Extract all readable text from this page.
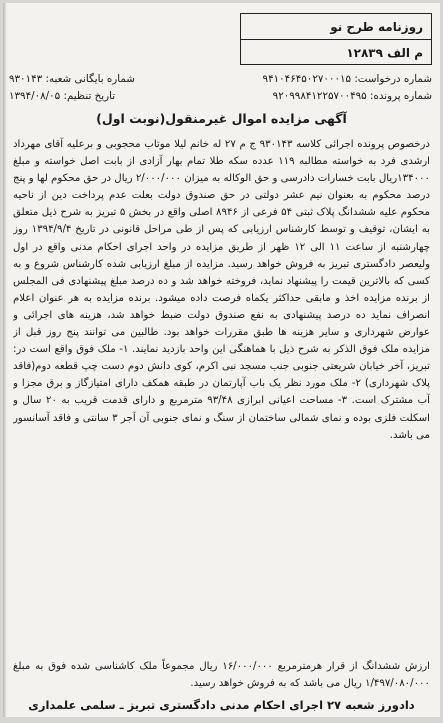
روزنامه طرح نو
م الف ۱۲۸۳۹
شماره درخواست: ۹۴۱۰۴۶۴۵۰۲۷۰۰۰۱۵
شماره بایگانی شعبه: ۹۳۰۱۴۳
شماره پرونده: ۹۲۰۹۹۸۴۱۲۲۵۷۰۰۴۹۵
تاریخ تنظیم: ۱۳۹۴/۰۸/۰۵
آگهی مزایده اموال غیرمنقول(نوبت اول)
درخصوص پرونده اجرائی کلاسه ۹۳۰۱۴۳ ج م ۲۷ له خانم لیلا موتاب محجوبی و برعلیه آقای مهرداد ارشدی فرد به خواسته مطالبه ۱۱۹ عدده سکه طلا تمام بهار آزادی از بابت اصل خواسته و مبلغ ۱۳۴۰۰۰ریال بابت خسارات دادرسی و حق الوکاله به میزان ۲/۰۰۰/۰۰۰ ریال در حق محکوم لها و پنج درصد محکوم به بعنوان نیم عشر دولتی در حق صندوق دولت بعلت عدم پرداخت دین از ناحیه محکوم علیه ششدانگ پلاک ثبتی ۵۴ فرعی از ۸۹۴۶ اصلی واقع در بخش ۵ تبریز به شرح ذیل متعلق به ایشان، توقیف و توسط کارشناس ارزیابی که پس از طی مراحل قانونی در تاریخ ۱۳۹۴/۹/۴ روز چهارشنبه از ساعت ۱۱ الی ۱۲ ظهر از طریق مزایده در واحد اجرای احکام مدنی واقع در اول ولیعصر دادگستری تبریز به فروش خواهد رسید. مزایده از مبلغ ارزیابی شده کارشناس شروع و به کسی که بالاترین قیمت را پیشنهاد نماید، فروخته خواهد شد و ده درصد مبلغ پیشنهادی فی المجلس از برنده مزایده اخذ و مابقی حداکثر یکماه فرصت داده میشود. برنده مزایده به هر عنوان اعلام انصراف نماید ده درصد پیشنهادی به نفع صندوق دولت ضبط خواهد شد، هزینه های اجرائی و عوارض شهرداری و سایر هزینه ها طبق مقررات خواهد بود. طالبین می توانند پنج روز قبل از مزایده ملک فوق الذکر به شرح ذیل با هماهنگی این واحد بازدید نمایند. ۱- ملک فوق واقع است در: تبریز، آخر خیابان شریعتی جنوبی جنب مسجد نبی اکرم، کوی دانش دوم دست چپ قطعه دوم(فاقد پلاک شهرداری) ۲- ملک مورد نظر یک باب آپارتمان در طبقه همکف دارای امتیازگاز و برق مجزا و آب مشترک است. ۳- مساحت اعیانی ابرازی ۹۳/۴۸ مترمربع و دارای قدمت قریب به ۲۰ سال و اسکلت فلزی بوده و نمای شمالی ساختمان از سنگ و نمای جنوبی آن آجر ۳ سانتی و فاقد آسانسور می باشد.
ارزش ششدانگ از قرار هرمترمربع ۱۶/۰۰۰/۰۰۰ ریال مجموعاً ملک کاشناسی شده فوق به مبلغ ۱/۴۹۷/۰۸۰/۰۰۰ ریال می باشد که به فروش خواهد رسید.
دادورز شعبه ۲۷ اجرای احکام مدنی دادگستری تبریز ـ سلمی علمداری
